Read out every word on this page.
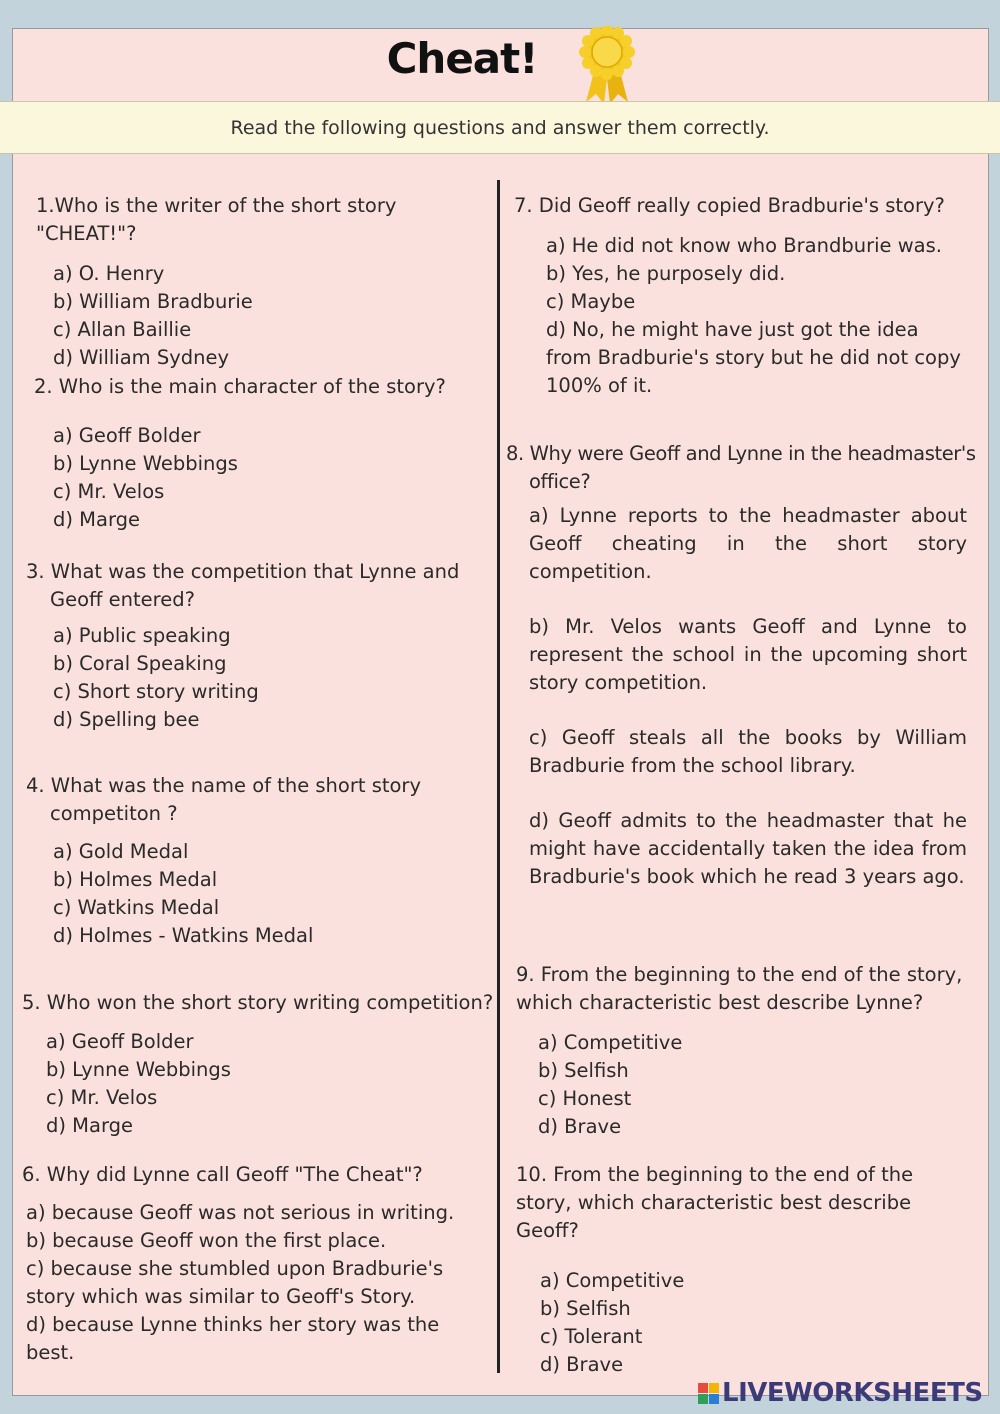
Cheat!
Read the following questions and answer them correctly.
1.Who is the writer of the short story "CHEAT!"?
a) O. Henry
b) William Bradburie
c) Allan Baillie
d) William Sydney
2. Who is the main character of the story?
a) Geoff Bolder
b) Lynne Webbings
c) Mr. Velos
d) Marge
3. What was the competition that Lynne and Geoff entered?
a) Public speaking
b) Coral Speaking
c) Short story writing
d) Spelling bee
4. What was the name of the short story competiton ?
a) Gold Medal
b) Holmes Medal
c) Watkins Medal
d) Holmes - Watkins Medal
5. Who won the short story writing competition?
a) Geoff Bolder
b) Lynne Webbings
c) Mr. Velos
d) Marge
6. Why did Lynne call Geoff "The Cheat"?
a) because Geoff was not serious in writing.
b) because Geoff won the first place.
c) because she stumbled upon Bradburie's story which was similar to Geoff's Story.
d) because Lynne thinks her story was the best.
7. Did Geoff really copied Bradburie's story?
a) He did not know who Brandburie was.
b) Yes, he purposely did.
c) Maybe
d) No, he might have just got the idea from Bradburie's story but he did not copy 100% of it.
8. Why were Geoff and Lynne in the headmaster's office?
a) Lynne reports to the headmaster about Geoff cheating in the short story competition.
b) Mr. Velos wants Geoff and Lynne to represent the school in the upcoming short story competition.
c) Geoff steals all the books by William Bradburie from the school library.
d) Geoff admits to the headmaster that he might have accidentally taken the idea from Bradburie's book which he read 3 years ago.
9. From the beginning to the end of the story, which characteristic best describe Lynne?
a) Competitive
b) Selfish
c) Honest
d) Brave
10. From the beginning to the end of the story, which characteristic best describe Geoff?
a) Competitive
b) Selfish
c) Tolerant
d) Brave
LIVEWORKSHEETS
